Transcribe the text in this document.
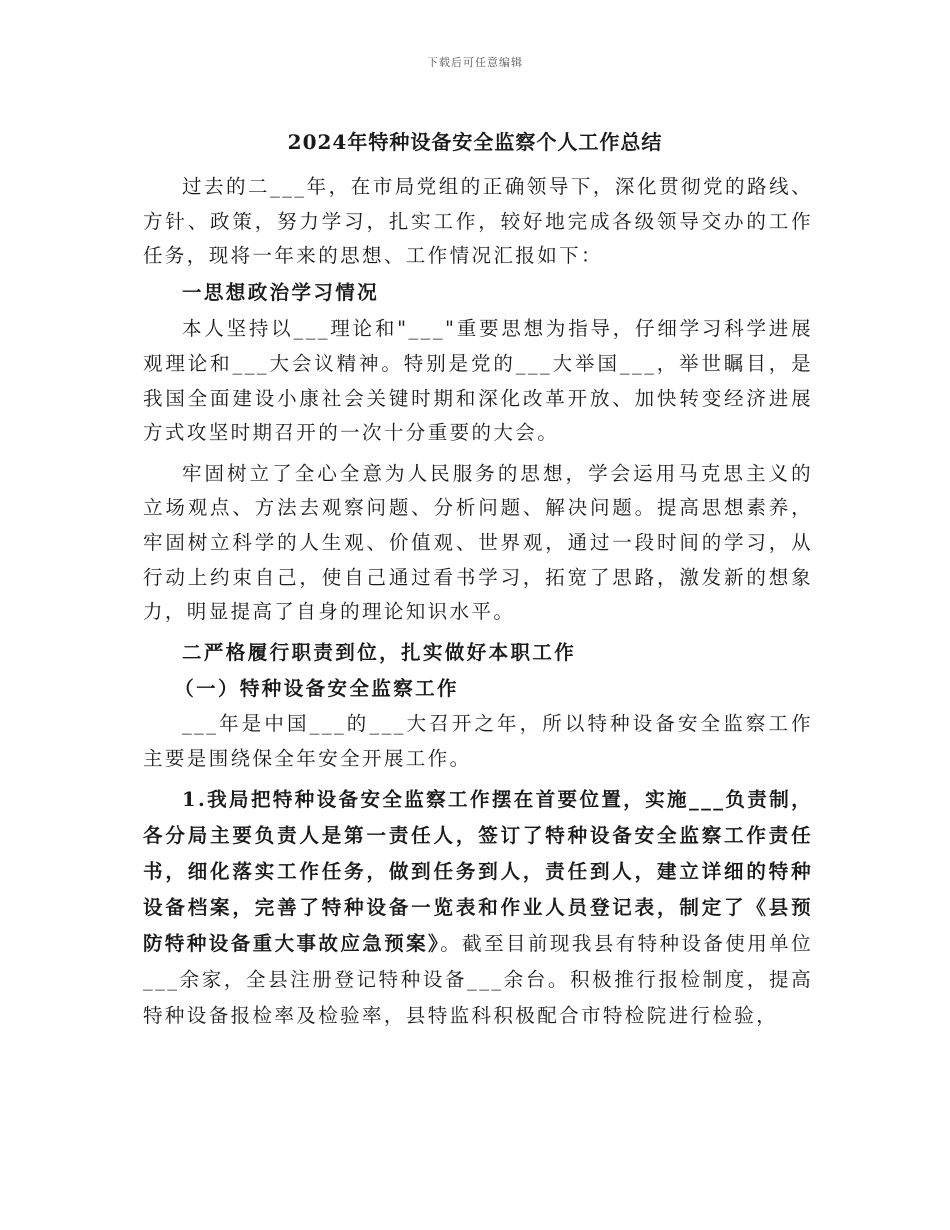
下载后可任意编辑
2024年特种设备安全监察个人工作总结

过去的二___年，在市局党组的正确领导下，深化贯彻党的路线、方针、政策，努力学习，扎实工作，较好地完成各级领导交办的工作任务，现将一年来的思想、工作情况汇报如下：

一思想政治学习情况

本人坚持以___理论和"___"重要思想为指导，仔细学习科学进展观理论和___大会议精神。特别是党的___大举国___，举世瞩目，是我国全面建设小康社会关键时期和深化改革开放、加快转变经济进展方式攻坚时期召开的一次十分重要的大会。

牢固树立了全心全意为人民服务的思想，学会运用马克思主义的立场观点、方法去观察问题、分析问题、解决问题。提高思想素养，牢固树立科学的人生观、价值观、世界观，通过一段时间的学习，从行动上约束自己，使自己通过看书学习，拓宽了思路，激发新的想象力，明显提高了自身的理论知识水平。

二严格履行职责到位，扎实做好本职工作

（一）特种设备安全监察工作

___年是中国___的___大召开之年，所以特种设备安全监察工作主要是围绕保全年安全开展工作。

1.我局把特种设备安全监察工作摆在首要位置，实施___负责制，各分局主要负责人是第一责任人，签订了特种设备安全监察工作责任书，细化落实工作任务，做到任务到人，责任到人，建立详细的特种设备档案，完善了特种设备一览表和作业人员登记表，制定了《县预防特种设备重大事故应急预案》。截至目前现我县有特种设备使用单位___余家，全县注册登记特种设备___余台。积极推行报检制度，提高特种设备报检率及检验率，县特监科积极配合市特检院进行检验，
